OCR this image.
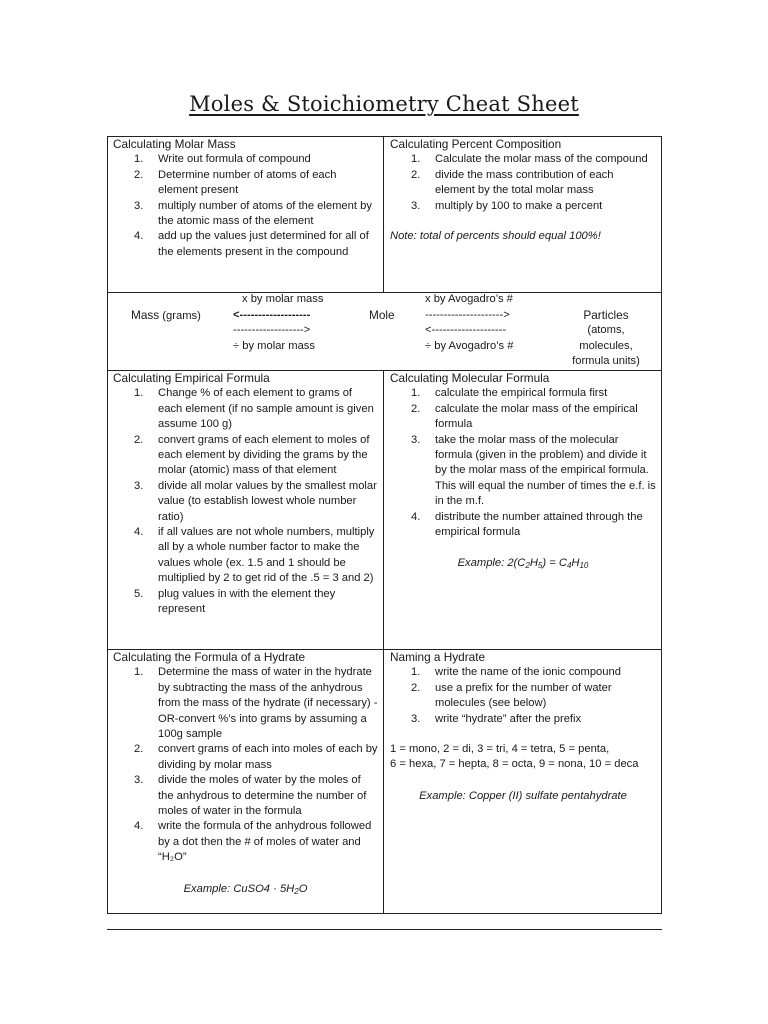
Moles & Stoichiometry Cheat Sheet
Calculating Molar Mass
1. Write out formula of compound
2. Determine number of atoms of each element present
3. multiply number of atoms of the element by the atomic mass of the element
4. add up the values just determined for all of the elements present in the compound
Calculating Percent Composition
1. Calculate the molar mass of the compound
2. divide the mass contribution of each element by the total molar mass
3. multiply by 100 to make a percent
Note: total of percents should equal 100%!
x by molar mass
Mass (grams)	<-------------------
------------------->
÷ by molar mass
Mole
x by Avogadro’s #
--------------------->
<--------------------
÷ by Avogadro’s #
Particles
(atoms,
molecules,
formula units)
Calculating Empirical Formula
1. Change % of each element to grams of each element (if no sample amount is given assume 100 g)
2. convert grams of each element to moles of each element by dividing the grams by the molar (atomic) mass of that element
3. divide all molar values by the smallest molar value (to establish lowest whole number ratio)
4. if all values are not whole numbers, multiply all by a whole number factor to make the values whole (ex. 1.5 and 1 should be multiplied by 2 to get rid of the .5 = 3 and 2)
5. plug values in with the element they represent
Calculating Molecular Formula
1. calculate the empirical formula first
2. calculate the molar mass of the empirical formula
3. take the molar mass of the molecular formula (given in the problem) and divide it by the molar mass of the empirical formula. This will equal the number of times the e.f. is in the m.f.
4. distribute the number attained through the empirical formula
Example: $2(C_2H_5) = C_4H_{10}$
Calculating the Formula of a Hydrate
1. Determine the mass of water in the hydrate by subtracting the mass of the anhydrous from the mass of the hydrate (if necessary) -OR-convert %’s into grams by assuming a 100g sample
2. convert grams of each into moles of each by dividing by molar mass
3. divide the moles of water by the moles of the anhydrous to determine the number of moles of water in the formula
4. write the formula of the anhydrous followed by a dot then the # of moles of water and “H₂O”
Example: CuSO4 · $5H_2O$
Naming a Hydrate
1. write the name of the ionic compound
2. use a prefix for the number of water molecules (see below)
3. write “hydrate” after the prefix
1 = mono, 2 = di, 3 = tri, 4 = tetra, 5 = penta,
6 = hexa, 7 = hepta, 8 = octa, 9 = nona, 10 = deca
Example: Copper (II) sulfate pentahydrate
